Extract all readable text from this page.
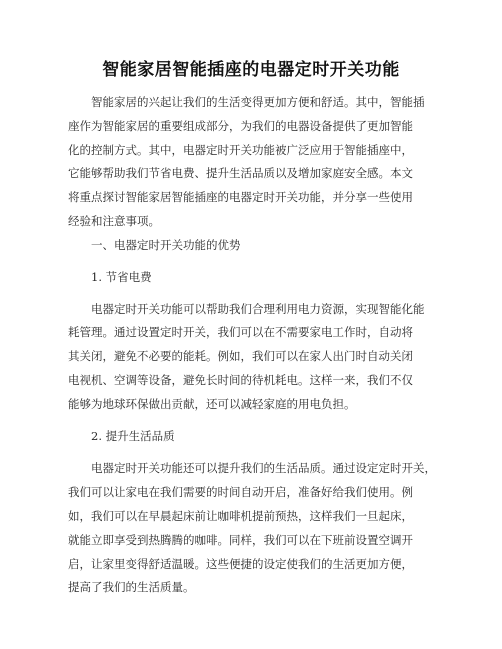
智能家居智能插座的电器定时开关功能
智能家居的兴起让我们的生活变得更加方便和舒适。其中，智能插
座作为智能家居的重要组成部分，为我们的电器设备提供了更加智能
化的控制方式。其中，电器定时开关功能被广泛应用于智能插座中，
它能够帮助我们节省电费、提升生活品质以及增加家庭安全感。本文
将重点探讨智能家居智能插座的电器定时开关功能，并分享一些使用
经验和注意事项。
一、电器定时开关功能的优势
1. 节省电费
电器定时开关功能可以帮助我们合理利用电力资源，实现智能化能
耗管理。通过设置定时开关，我们可以在不需要家电工作时，自动将
其关闭，避免不必要的能耗。例如，我们可以在家人出门时自动关闭
电视机、空调等设备，避免长时间的待机耗电。这样一来，我们不仅
能够为地球环保做出贡献，还可以减轻家庭的用电负担。
2. 提升生活品质
电器定时开关功能还可以提升我们的生活品质。通过设定定时开关，
我们可以让家电在我们需要的时间自动开启，准备好给我们使用。例
如，我们可以在早晨起床前让咖啡机提前预热，这样我们一旦起床，
就能立即享受到热腾腾的咖啡。同样，我们可以在下班前设置空调开
启，让家里变得舒适温暖。这些便捷的设定使我们的生活更加方便，
提高了我们的生活质量。
